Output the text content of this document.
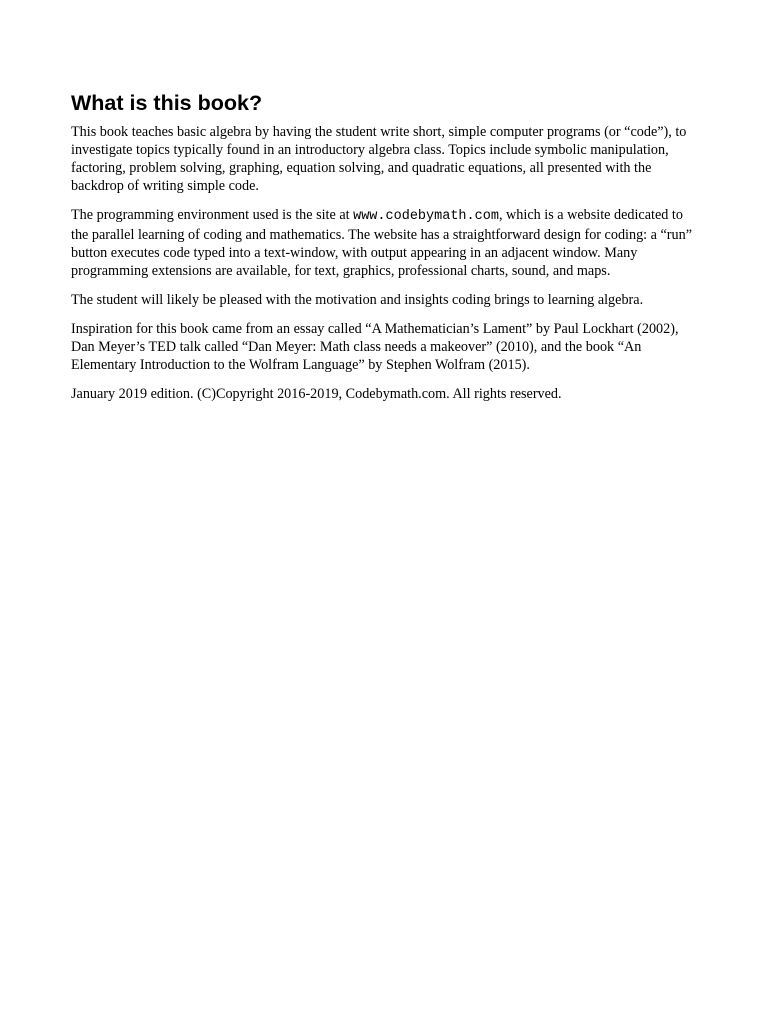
What is this book?

This book teaches basic algebra by having the student write short, simple computer programs (or “code”), to investigate topics typically found in an introductory algebra class. Topics include symbolic manipulation, factoring, problem solving, graphing, equation solving, and quadratic equations, all presented with the backdrop of writing simple code.

The programming environment used is the site at www.codebymath.com, which is a website dedicated to the parallel learning of coding and mathematics. The website has a straightforward design for coding: a “run” button executes code typed into a text-window, with output appearing in an adjacent window. Many programming extensions are available, for text, graphics, professional charts, sound, and maps.

The student will likely be pleased with the motivation and insights coding brings to learning algebra.

Inspiration for this book came from an essay called “A Mathematician’s Lament” by Paul Lockhart (2002), Dan Meyer’s TED talk called “Dan Meyer: Math class needs a makeover” (2010), and the book “An Elementary Introduction to the Wolfram Language” by Stephen Wolfram (2015).

January 2019 edition. (C)Copyright 2016-2019, Codebymath.com. All rights reserved.
